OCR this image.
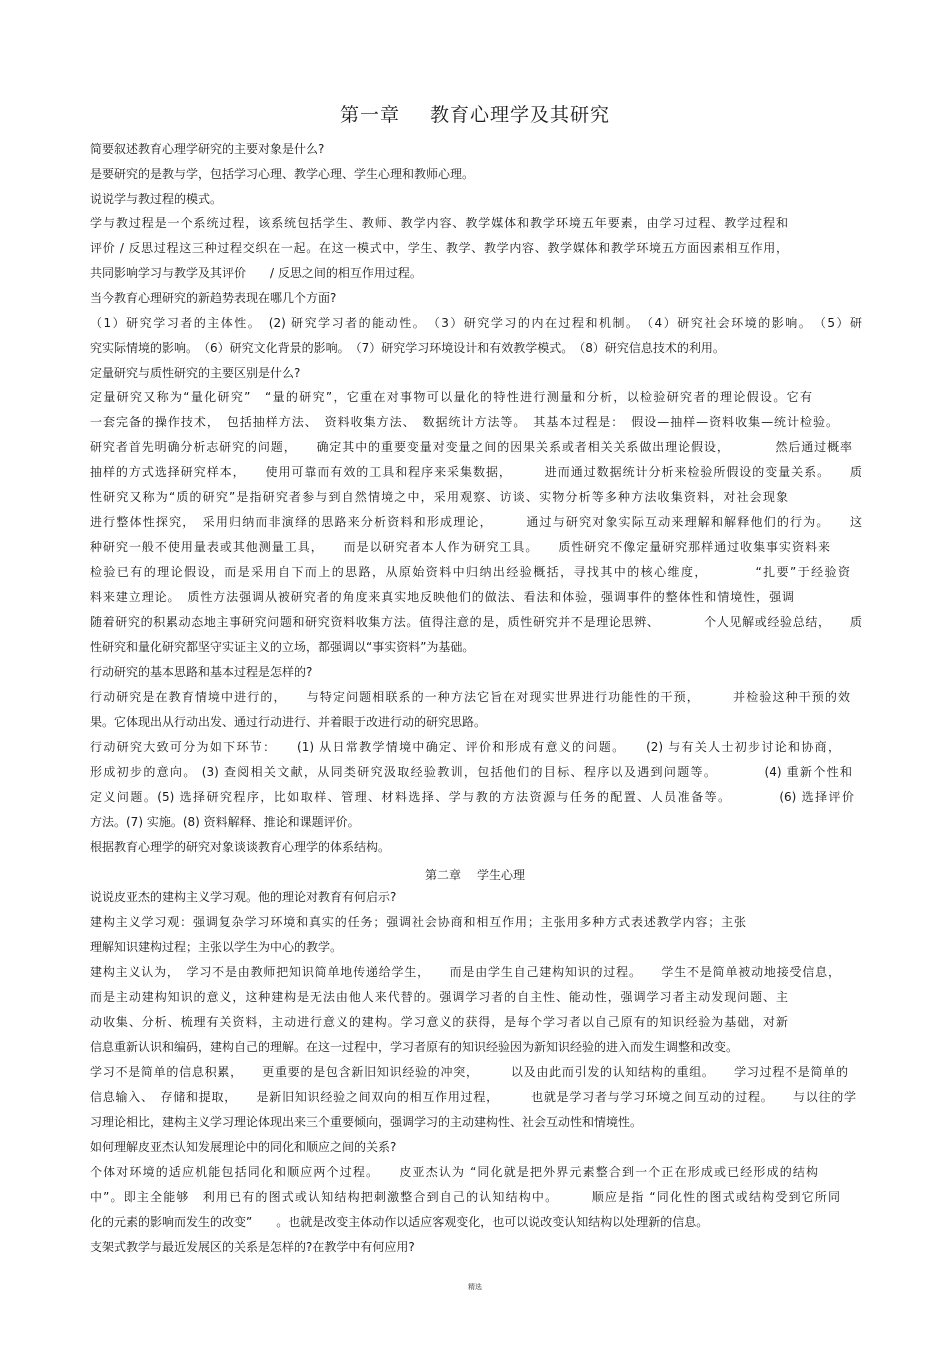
第一章 教育心理学及其研究
简要叙述教育心理学研究的主要对象是什么?
是要研究的是教与学，包括学习心理、教学心理、学生心理和教师心理。
说说学与教过程的模式。
学与教过程是一个系统过程，该系统包括学生、教师、教学内容、教学媒体和教学环境五年要素，由学习过程、教学过程和
评价 / 反思过程这三种过程交织在一起。在这一模式中，学生、教学、教学内容、教学媒体和教学环境五方面因素相互作用，
共同影响学习与教学及其评价　　/ 反思之间的相互作用过程。
当今教育心理研究的新趋势表现在哪几个方面?
（1）研究学习者的主体性。　(2) 研究学习者的能动性。　（3）研究学习的内在过程和机制。　（4）研究社会环境的影响。　（5）研
究实际情境的影响。　（6）研究文化背景的影响。　（7）研究学习环境设计和有效教学模式。　（8）研究信息技术的利用。
定量研究与质性研究的主要区别是什么?
定量研究又称为“量化研究”　“量的研究”，它重在对事物可以量化的特性进行测量和分析，以检验研究者的理论假设。它有
一套完备的操作技术，　包括抽样方法、　资料收集方法、　数据统计方法等。　其基本过程是：　假设—抽样—资料收集—统计检验。
研究者首先明确分析志研究的问题，　　确定其中的重要变量对变量之间的因果关系或者相关关系做出理论假设，　　　　然后通过概率
抽样的方式选择研究样本，　　使用可靠而有效的工具和程序来采集数据，　　　进而通过数据统计分析来检验所假设的变量关系。　　质
性研究又称为“质的研究”是指研究者参与到自然情境之中，采用观察、访谈、实物分析等多种方法收集资料，对社会现象
进行整体性探究，　采用归纳而非演绎的思路来分析资料和形成理论，　　　通过与研究对象实际互动来理解和解释他们的行为。　　这
种研究一般不使用量表或其他测量工具，　　而是以研究者本人作为研究工具。　　质性研究不像定量研究那样通过收集事实资料来
检验已有的理论假设，而是采用自下而上的思路，从原始资料中归纳出经验概括，寻找其中的核心维度，　　　　“扎要”于经验资
料来建立理论。　质性方法强调从被研究者的角度来真实地反映他们的做法、看法和体验，强调事件的整体性和情境性，强调
随着研究的积累动态地主事研究问题和研究资料收集方法。值得注意的是，质性研究并不是理论思辨、　　　　个人见解或经验总结，　　质
性研究和量化研究都坚守实证主义的立场，都强调以“事实资料”为基础。
行动研究的基本思路和基本过程是怎样的?
行动研究是在教育情境中进行的，　　与特定问题相联系的一种方法它旨在对现实世界进行功能性的干预，　　　并检验这种干预的效
果。它体现出从行动出发、通过行动进行、并着眼于改进行动的研究思路。
行动研究大致可分为如下环节：　　(1) 从日常教学情境中确定、评价和形成有意义的问题。　　(2) 与有关人士初步讨论和协商，
形成初步的意向。 (3) 查阅相关文献，从同类研究汲取经验教训，包括他们的目标、程序以及遇到问题等。　　　　(4) 重新个性和
定义问题。(5) 选择研究程序，比如取样、管理、材料选择、学与教的方法资源与任务的配置、人员准备等。　　　　(6) 选择评价
方法。(7) 实施。(8) 资料解释、推论和课题评价。
根据教育心理学的研究对象谈谈教育心理学的体系结构。
第二章 学生心理
说说皮亚杰的建构主义学习观。他的理论对教育有何启示?
建构主义学习观：强调复杂学习环境和真实的任务；强调社会协商和相互作用；主张用多种方式表述教学内容；主张
理解知识建构过程；主张以学生为中心的教学。
建构主义认为，　学习不是由教师把知识简单地传递给学生，　　而是由学生自己建构知识的过程。　　学生不是简单被动地接受信息，
而是主动建构知识的意义，这种建构是无法由他人来代替的。强调学习者的自主性、能动性，强调学习者主动发现问题、主
动收集、分析、梳理有关资料，主动进行意义的建构。学习意义的获得，是每个学习者以自己原有的知识经验为基础，对新
信息重新认识和编码，建构自己的理解。在这一过程中，学习者原有的知识经验因为新知识经验的进入而发生调整和改变。
学习不是简单的信息积累，　　更重要的是包含新旧知识经验的冲突，　　　以及由此而引发的认知结构的重组。　　学习过程不是简单的
信息输入、　存储和提取，　　是新旧知识经验之间双向的相互作用过程，　　　也就是学习者与学习环境之间互动的过程。　　与以往的学
习理论相比，建构主义学习理论体现出来三个重要倾向，强调学习的主动建构性、社会互动性和情境性。
如何理解皮亚杰认知发展理论中的同化和顺应之间的关系?
个体对环境的适应机能包括同化和顺应两个过程。　　皮亚杰认为 “同化就是把外界元素整合到一个正在形成或已经形成的结构
中”。即主全能够　利用已有的图式或认知结构把刺激整合到自己的认知结构中。　　　顺应是指 “同化性的图式或结构受到它所同
化的元素的影响而发生的改变”　　。也就是改变主体动作以适应客观变化，也可以说改变认知结构以处理新的信息。
支架式教学与最近发展区的关系是怎样的?在教学中有何应用?
精选
